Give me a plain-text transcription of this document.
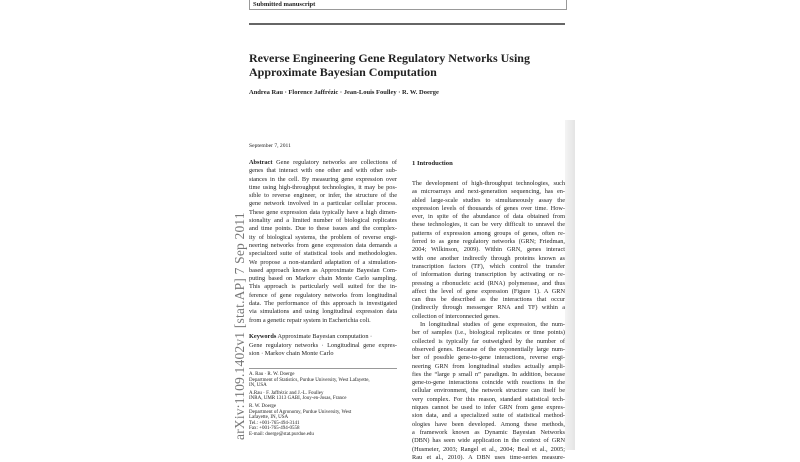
Submitted manuscript
Reverse Engineering Gene Regulatory Networks Using
Approximate Bayesian Computation
Andrea Rau · Florence Jaffrézic · Jean-Louis Foulley · R. W. Doerge
September 7, 2011
arXiv:1109.1402v1 [stat.AP] 7 Sep 2011
Abstract Gene regulatory networks are collections of
genes that interact with one other and with other sub-
stances in the cell. By measuring gene expression over
time using high-throughput technologies, it may be pos-
sible to reverse engineer, or infer, the structure of the
gene network involved in a particular cellular process.
These gene expression data typically have a high dimen-
sionality and a limited number of biological replicates
and time points. Due to these issues and the complex-
ity of biological systems, the problem of reverse engi-
neering networks from gene expression data demands a
specialized suite of statistical tools and methodologies.
We propose a non-standard adaptation of a simulation-
based approach known as Approximate Bayesian Com-
puting based on Markov chain Monte Carlo sampling.
This approach is particularly well suited for the in-
ference of gene regulatory networks from longitudinal
data. The performance of this approach is investigated
via simulations and using longitudinal expression data
from a genetic repair system in Escherichia coli.
Keywords Approximate Bayesian computation ·
Gene regulatory networks · Longitudinal gene expres-
sion · Markov chain Monte Carlo
A. Rau · R. W. Doerge
Department of Statistics, Purdue University, West Lafayette,
IN, USA
A.Rau · F. Jaffrézic and J.-L. Foulley
INRA, UMR 1313 GABI, Jouy-en-Josas, France
R. W. Doerge
Department of Agronomy, Purdue University, West
Lafayette, IN, USA
Tel.: +001-765-494-3141
Fax: +001-765-494-0558
E-mail: doerge@stat.purdue.edu
1 Introduction
The development of high-throughput technologies, such
as microarrays and next-generation sequencing, has en-
abled large-scale studies to simultaneously assay the
expression levels of thousands of genes over time. How-
ever, in spite of the abundance of data obtained from
these technologies, it can be very difficult to unravel the
patterns of expression among groups of genes, often re-
ferred to as gene regulatory networks (GRN; Friedman,
2004; Wilkinson, 2009). Within GRN, genes interact
with one another indirectly through proteins known as
transcription factors (TF), which control the transfer
of information during transcription by activating or re-
pressing a ribonucleic acid (RNA) polymerase, and thus
affect the level of gene expression (Figure 1). A GRN
can thus be described as the interactions that occur
(indirectly through messenger RNA and TF) within a
collection of interconnected genes.
In longitudinal studies of gene expression, the num-
ber of samples (i.e., biological replicates or time points)
collected is typically far outweighed by the number of
observed genes. Because of the exponentially large num-
ber of possible gene-to-gene interactions, reverse engi-
neering GRN from longitudinal studies actually ampli-
fies the “large p small n” paradigm. In addition, because
gene-to-gene interactions coincide with reactions in the
cellular environment, the network structure can itself be
very complex. For this reason, standard statistical tech-
niques cannot be used to infer GRN from gene expres-
sion data, and a specialized suite of statistical method-
ologies have been developed. Among these methods,
a framework known as Dynamic Bayesian Networks
(DBN) has seen wide application in the context of GRN
(Husmeier, 2003; Rangel et al., 2004; Beal et al., 2005;
Rau et al., 2010). A DBN uses time-series measure-
